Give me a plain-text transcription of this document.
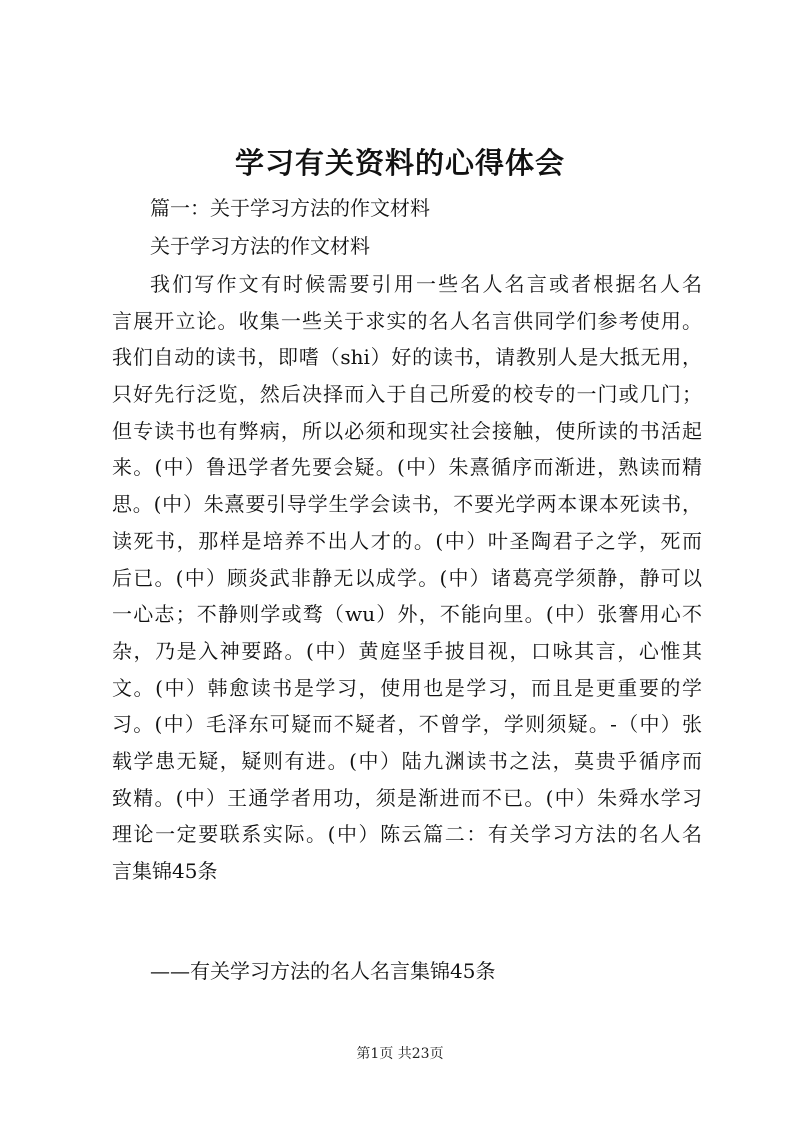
学习有关资料的心得体会
篇一：关于学习方法的作文材料
关于学习方法的作文材料
我们写作文有时候需要引用一些名人名言或者根据名人名
言展开立论。收集一些关于求实的名人名言供同学们参考使用。
我们自动的读书，即嗜（shi）好的读书，请教别人是大抵无用，
只好先行泛览，然后决择而入于自己所爱的校专的一门或几门；
但专读书也有弊病，所以必须和现实社会接触，使所读的书活起
来。(中）鲁迅学者先要会疑。(中）朱熹循序而渐进，熟读而精
思。(中）朱熹要引导学生学会读书，不要光学两本课本死读书，
读死书，那样是培养不出人才的。(中）叶圣陶君子之学，死而
后已。(中）顾炎武非静无以成学。(中）诸葛亮学须静，静可以
一心志；不静则学或骛（wu）外，不能向里。(中）张謇用心不
杂，乃是入神要路。(中）黄庭坚手披目视，口咏其言，心惟其
文。(中）韩愈读书是学习，使用也是学习，而且是更重要的学
习。(中）毛泽东可疑而不疑者，不曾学，学则须疑。-（中）张
载学患无疑，疑则有进。(中）陆九渊读书之法，莫贵乎循序而
致精。(中）王通学者用功，须是渐进而不已。(中）朱舜水学习
理论一定要联系实际。(中）陈云篇二：有关学习方法的名人名
言集锦45条
——有关学习方法的名人名言集锦45条
第1页 共23页
